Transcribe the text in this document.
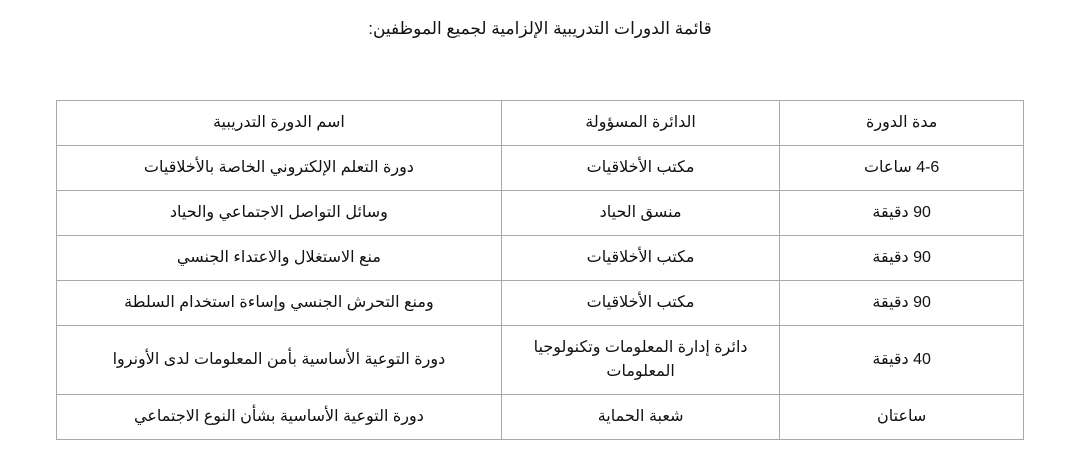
قائمة الدورات التدريبية الإلزامية لجميع الموظفين:
مدة الدورة	الدائرة المسؤولة	اسم الدورة التدريبية
4-6 ساعات	مكتب الأخلاقيات	دورة التعلم الإلكتروني الخاصة بالأخلاقيات
90 دقيقة	منسق الحياد	وسائل التواصل الاجتماعي والحياد
90 دقيقة	مكتب الأخلاقيات	منع الاستغلال والاعتداء الجنسي
90 دقيقة	مكتب الأخلاقيات	ومنع التحرش الجنسي وإساءة استخدام السلطة
40 دقيقة	دائرة إدارة المعلومات وتكنولوجيا المعلومات	دورة التوعية الأساسية بأمن المعلومات لدى الأونروا
ساعتان	شعبة الحماية	دورة التوعية الأساسية بشأن النوع الاجتماعي
